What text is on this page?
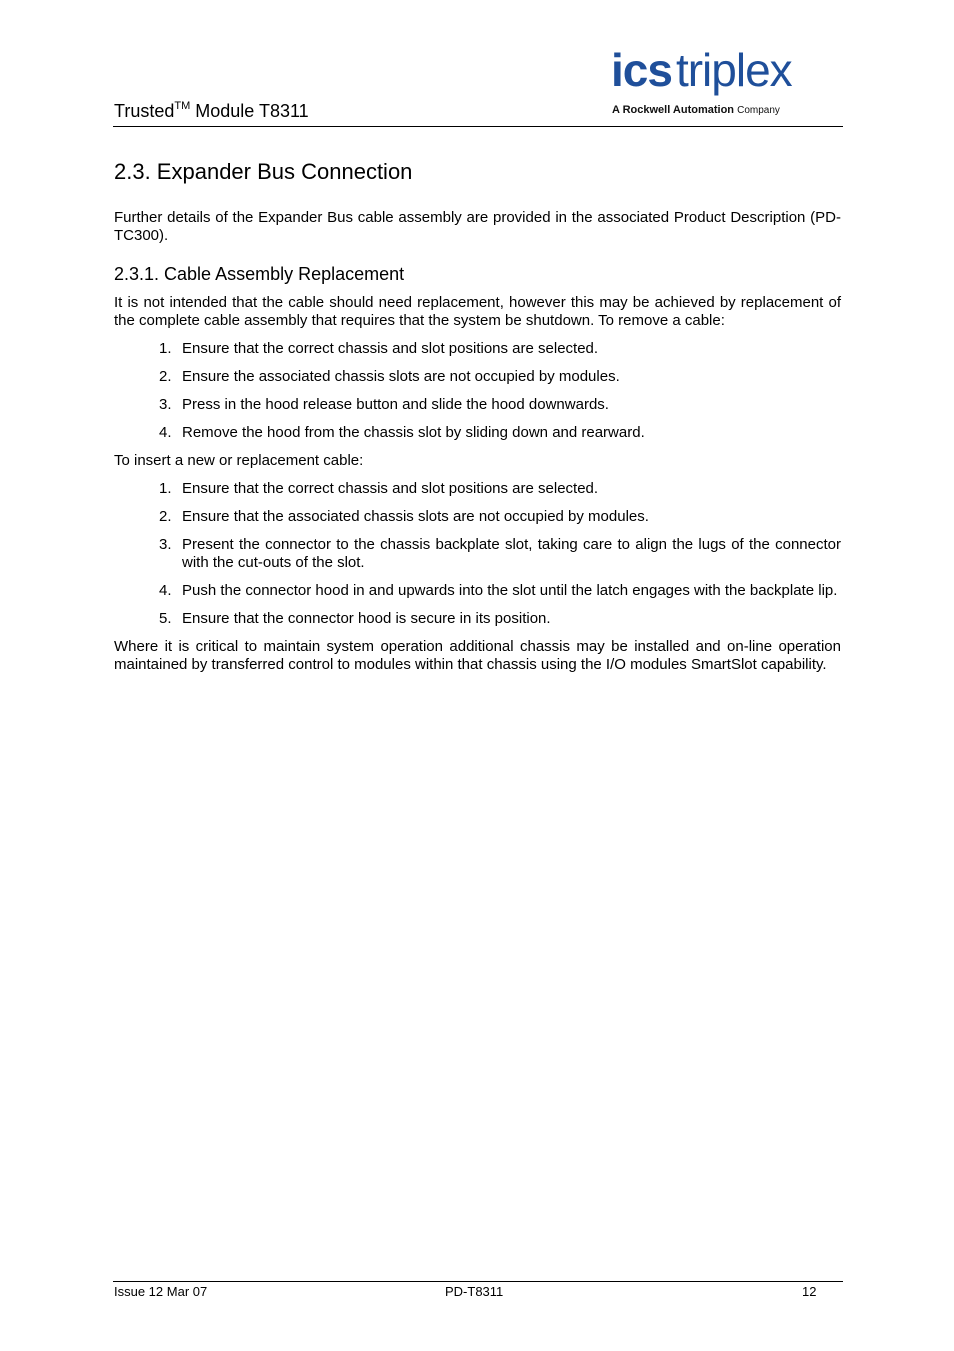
Trusted™ Module T8311
icstriplex
A Rockwell Automation Company
2.3. Expander Bus Connection

Further details of the Expander Bus cable assembly are provided in the associated Product Description (PD-TC300).

2.3.1. Cable Assembly Replacement

It is not intended that the cable should need replacement, however this may be achieved by replacement of the complete cable assembly that requires that the system be shutdown. To remove a cable:

1. Ensure that the correct chassis and slot positions are selected.
2. Ensure the associated chassis slots are not occupied by modules.
3. Press in the hood release button and slide the hood downwards.
4. Remove the hood from the chassis slot by sliding down and rearward.

To insert a new or replacement cable:

1. Ensure that the correct chassis and slot positions are selected.
2. Ensure that the associated chassis slots are not occupied by modules.
3. Present the connector to the chassis backplate slot, taking care to align the lugs of the connector with the cut-outs of the slot.
4. Push the connector hood in and upwards into the slot until the latch engages with the backplate lip.
5. Ensure that the connector hood is secure in its position.

Where it is critical to maintain system operation additional chassis may be installed and on-line operation maintained by transferred control to modules within that chassis using the I/O modules SmartSlot capability.

Issue 12 Mar 07	PD-T8311	12
